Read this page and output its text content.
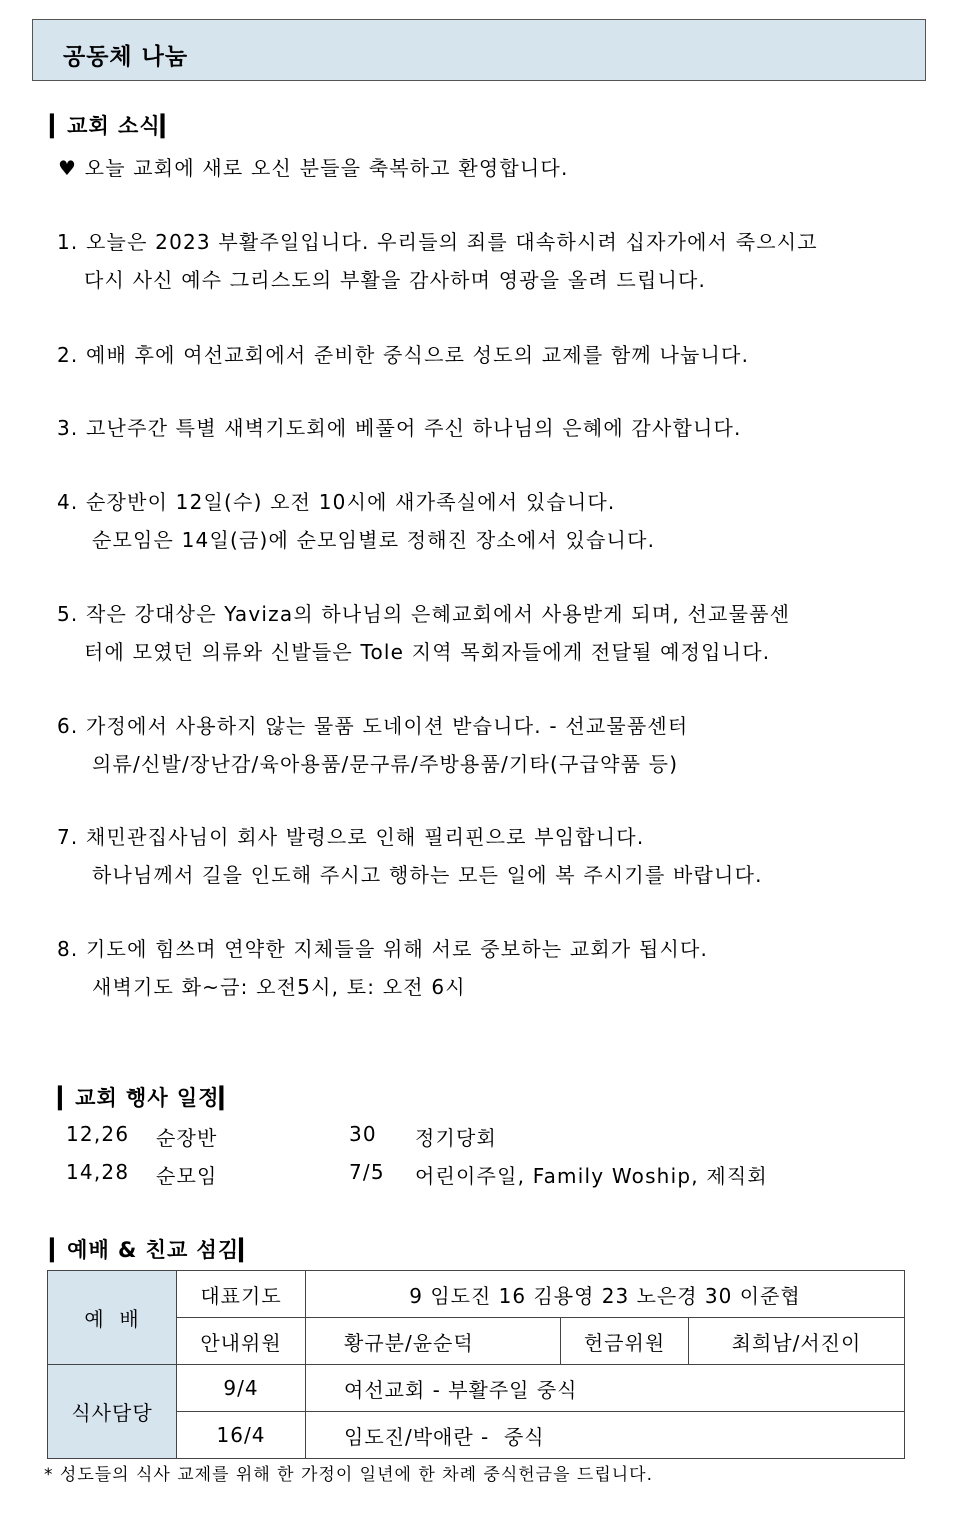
공동체 나눔
▎교회 소식▎
♥ 오늘 교회에 새로 오신 분들을 축복하고 환영합니다.
1. 오늘은 2023 부활주일입니다. 우리들의 죄를 대속하시려 십자가에서 죽으시고
다시 사신 예수 그리스도의 부활을 감사하며 영광을 올려 드립니다.
2. 예배 후에 여선교회에서 준비한 중식으로 성도의 교제를 함께 나눕니다.
3. 고난주간 특별 새벽기도회에 베풀어 주신 하나님의 은혜에 감사합니다.
4. 순장반이 12일(수) 오전 10시에 새가족실에서 있습니다.
순모임은 14일(금)에 순모임별로 정해진 장소에서 있습니다.
5. 작은 강대상은 Yaviza의 하나님의 은혜교회에서 사용받게 되며, 선교물품센
터에 모였던 의류와 신발들은 Tole 지역 목회자들에게 전달될 예정입니다.
6. 가정에서 사용하지 않는 물품 도네이션 받습니다. - 선교물품센터
의류/신발/장난감/육아용품/문구류/주방용품/기타(구급약품 등)
7. 채민관집사님이 회사 발령으로 인해 필리핀으로 부임합니다.
하나님께서 길을 인도해 주시고 행하는 모든 일에 복 주시기를 바랍니다.
8. 기도에 힘쓰며 연약한 지체들을 위해 서로 중보하는 교회가 됩시다.
새벽기도 화~금: 오전5시, 토: 오전 6시
▎교회 행사 일정▎
12,26 순장반	30 정기당회
14,28 순모임	7/5 어린이주일, Family Woship, 제직회
▎예배 & 친교 섬김▎
예  배	대표기도	9 임도진 16 김용영 23 노은경 30 이준협		
	안내위원	황규분/윤순덕	헌금위원	최희남/서진이
식사담당	9/4	여선교회 - 부활주일 중식		
	16/4	임도진/박애란 -  중식		
* 성도들의 식사 교제를 위해 한 가정이 일년에 한 차례 중식헌금을 드립니다.
